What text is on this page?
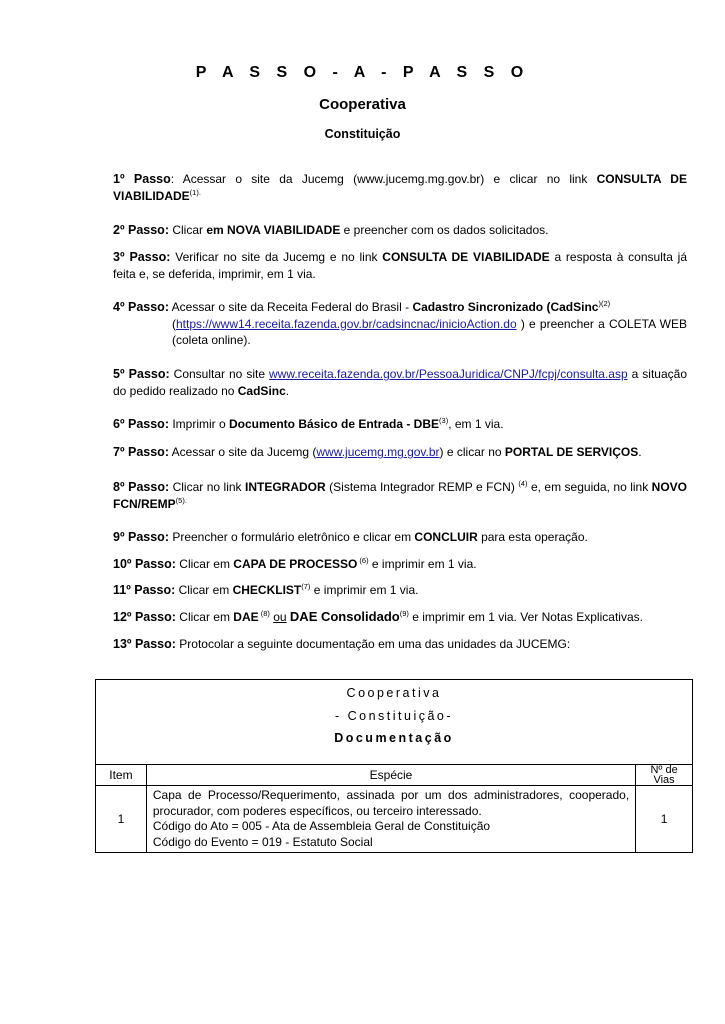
P A S S O - A - P A S S O
Cooperativa
Constituição
1º Passo: Acessar o site da Jucemg (www.jucemg.mg.gov.br) e clicar no link CONSULTA DE $VIABILIDADE^{(1).}$
2º Passo: Clicar em NOVA VIABILIDADE e preencher com os dados solicitados.
3º Passo: Verificar no site da Jucemg e no link CONSULTA DE VIABILIDADE a resposta à consulta já feita e, se deferida, imprimir, em 1 via.
4º Passo: Acessar o site da Receita Federal do Brasil - Cadastro Sincronizado (CadSinc$^{)(2)}$
(https://www14.receita.fazenda.gov.br/cadsincnac/inicioAction.do ) e preencher a COLETA WEB (coleta online).
5º Passo: Consultar no site www.receita.fazenda.gov.br/PessoaJuridica/CNPJ/fcpj/consulta.asp a situação do pedido realizado no CadSinc.
6º Passo: Imprimir o Documento Básico de Entrada - DBE$^{(3)}$, em 1 via.
7º Passo: Acessar o site da Jucemg (www.jucemg.mg.gov.br) e clicar no PORTAL DE SERVIÇOS.
8º Passo: Clicar no link INTEGRADOR (Sistema Integrador REMP e FCN) $^{(4)}$ e, em seguida, no link NOVO FCN/$REMP^{(5).}$
9º Passo: Preencher o formulário eletrônico e clicar em CONCLUIR para esta operação.
10º Passo: Clicar em CAPA DE PROCESSO $^{(6)}$ e imprimir em 1 via.
11º Passo: Clicar em CHECKLIST$^{(7)}$ e imprimir em 1 via.
12º Passo: Clicar em DAE $^{(8)}$ ou DAE Consolidado$^{(9)}$ e imprimir em 1 via. Ver Notas Explicativas.
13º Passo: Protocolar a seguinte documentação em uma das unidades da JUCEMG:
Cooperativa
- Constituição-
Documentação		

Item	Espécie	Nº de
Vias

1	Capa de Processo/Requerimento, assinada por um dos administradores, cooperado, procurador, com poderes específicos, ou terceiro interessado.
Código do Ato = 005 - Ata de Assembleia Geral de Constituição
Código do Evento = 019 - Estatuto Social	1
